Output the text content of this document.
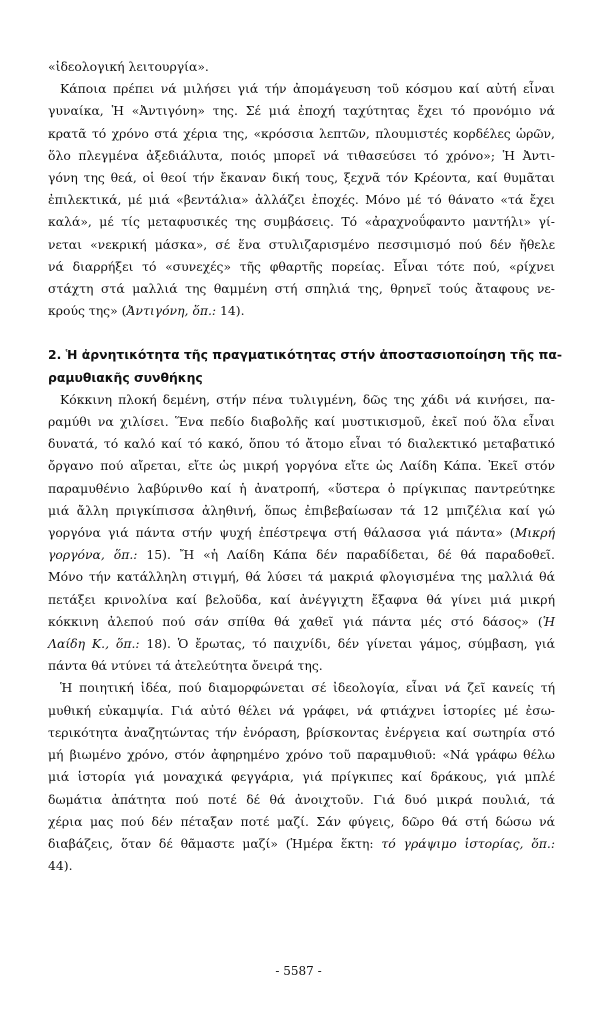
«ἰδεολογική λειτουργία».

Κάποια πρέπει νά μιλήσει γιά τήν ἀπομάγευση τοῦ κόσμου καί αὐτή εἶναι
γυναίκα, Ἡ «Ἀντιγόνη» της. Σέ μιά ἐποχή ταχύτητας ἔχει τό προνόμιο νά
κρατᾶ τό χρόνο στά χέρια της, «κρόσσια λεπτῶν, πλουμιστές κορδέλες ὡρῶν,
ὅλο πλεγμένα ἀξεδιάλυτα, ποιός μπορεῖ νά τιθασεύσει τό χρόνο»; Ἡ Ἀντι-
γόνη της θεά, οἱ θεοί τήν ἔκαναν δική τους, ξεχνᾶ τόν Κρέοντα, καί θυμᾶται
ἐπιλεκτικά, μέ μιά «βεντάλια» ἀλλάζει ἐποχές. Μόνο μέ τό θάνατο «τά ἔχει
καλά», μέ τίς μεταφυσικές της συμβάσεις. Τό «ἀραχνοΰφαντο μαντήλι» γί-
νεται «νεκρική μάσκα», σέ ἕνα στυλιζαρισμένο πεσσιμισμό πού δέν ἤθελε
νά διαρρήξει τό «συνεχές» τῆς φθαρτῆς πορείας. Εἶναι τότε πού, «ρίχνει
στάχτη στά μαλλιά της θαμμένη στή σπηλιά της, θρηνεῖ τούς ἄταφους νε-
κρούς της» (Ἀντιγόνη, ὅπ.: 14).

2. Ἡ ἀρνητικότητα τῆς πραγματικότητας στήν ἀποστασιοποίηση τῆς πα-
ραμυθιακῆς συνθήκης

Κόκκινη πλοκή δεμένη, στήν πένα τυλιγμένη, δῶς της χάδι νά κινήσει, πα-
ραμύθι να χιλίσει. Ἕνα πεδίο διαβολῆς καί μυστικισμοῦ, ἐκεῖ πού ὅλα εἶναι
δυνατά, τό καλό καί τό κακό, ὅπου τό ἄτομο εἶναι τό διαλεκτικό μεταβατικό
ὄργανο πού αἴρεται, εἴτε ὡς μικρή γοργόνα εἴτε ὡς Λαίδη Κάπα. Ἐκεῖ στόν
παραμυθένιο λαβύρινθο καί ἡ ἀνατροπή, «ὕστερα ὁ πρίγκιπας παντρεύτηκε
μιά ἄλλη πριγκίπισσα ἀληθινή, ὅπως ἐπιβεβαίωσαν τά 12 μπιζέλια καί γώ
γοργόνα γιά πάντα στήν ψυχή ἐπέστρεψα στή θάλασσα γιά πάντα» (Μικρή
γοργόνα, ὅπ.: 15). Ἤ «ἡ Λαίδη Κάπα δέν παραδίδεται, δέ θά παραδοθεῖ.
Μόνο τήν κατάλληλη στιγμή, θά λύσει τά μακριά φλογισμένα της μαλλιά θά
πετάξει κρινολίνα καί βελοῦδα, καί ἀνέγγιχτη ἔξαφνα θά γίνει μιά μικρή
κόκκινη ἀλεπού πού σάν σπίθα θά χαθεῖ γιά πάντα μές στό δάσος» (Ἡ
Λαίδη Κ., ὅπ.: 18). Ὁ ἔρωτας, τό παιχνίδι, δέν γίνεται γάμος, σύμβαση, γιά
πάντα θά ντύνει τά ἀτελεύτητα ὄνειρά της.

Ἡ ποιητική ἰδέα, πού διαμορφώνεται σέ ἰδεολογία, εἶναι νά ζεῖ κανείς τή
μυθική εὐκαμψία. Γιά αὐτό θέλει νά γράφει, νά φτιάχνει ἱστορίες μέ ἐσω-
τερικότητα ἀναζητώντας τήν ἐνόραση, βρίσκοντας ἐνέργεια καί σωτηρία στό
μή βιωμένο χρόνο, στόν ἀφηρημένο χρόνο τοῦ παραμυθιοῦ: «Νά γράφω θέλω
μιά ἱστορία γιά μοναχικά φεγγάρια, γιά πρίγκιπες καί δράκους, γιά μπλέ
δωμάτια ἀπάτητα πού ποτέ δέ θά ἀνοιχτοῦν. Γιά δυό μικρά πουλιά, τά
χέρια μας πού δέν πέταξαν ποτέ μαζί. Σάν φύγεις, δῶρο θά στή δώσω νά
διαβάζεις, ὅταν δέ θᾶμαστε μαζί» (Ἡμέρα ἕκτη: τό γράψιμο ἱστορίας, ὅπ.:
44).

- 5587 -
